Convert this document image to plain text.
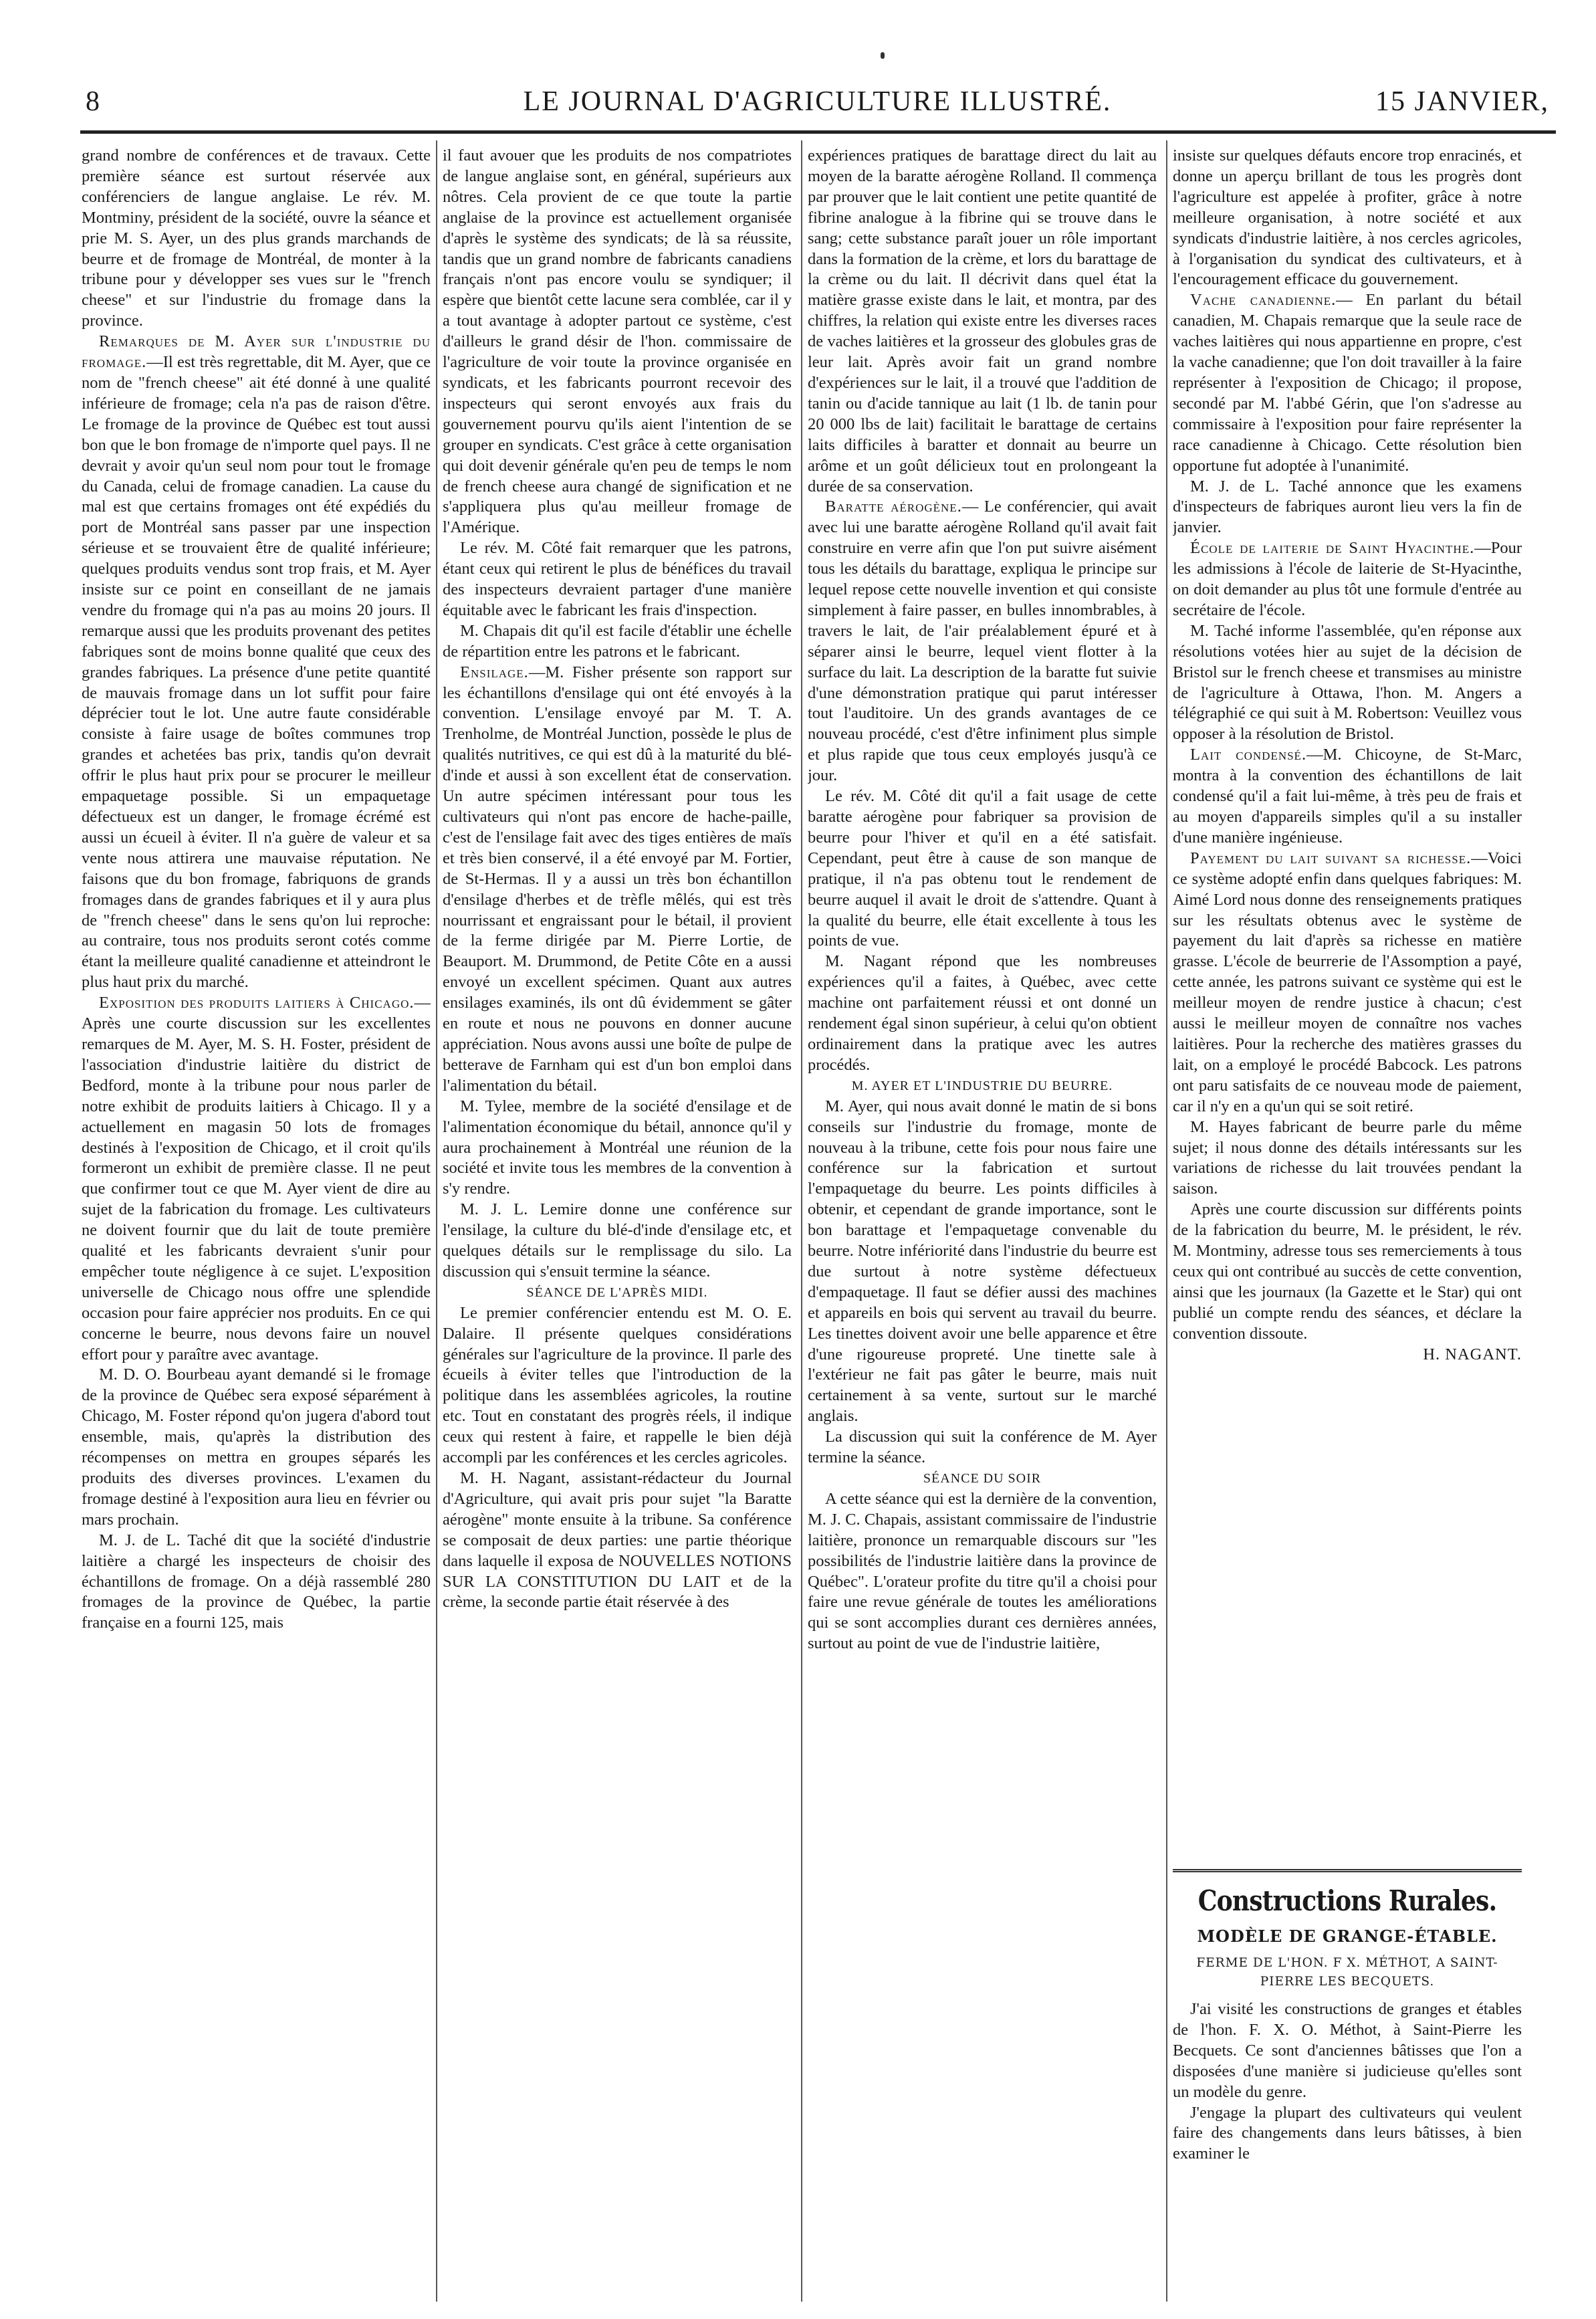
8	LE JOURNAL D'AGRICULTURE ILLUSTRÉ.	15 JANVIER,

grand nombre de conférences et de travaux. Cette première séance est surtout réservée aux conférenciers de langue anglaise. Le rév. M. Montminy, président de la société, ouvre la séance et prie M. S. Ayer, un des plus grands marchands de beurre et de fromage de Montréal, de monter à la tribune pour y développer ses vues sur le "french cheese" et sur l'industrie du fromage dans la province.

Remarques de M. Ayer sur l'industrie du fromage.—Il est très regrettable, dit M. Ayer, que ce nom de "french cheese" ait été donné à une qualité inférieure de fromage; cela n'a pas de raison d'être. Le fromage de la province de Québec est tout aussi bon que le bon fromage de n'importe quel pays. Il ne devrait y avoir qu'un seul nom pour tout le fromage du Canada, celui de fromage canadien. La cause du mal est que certains fromages ont été expédiés du port de Montréal sans passer par une inspection sérieuse et se trouvaient être de qualité inférieure; quelques produits vendus sont trop frais, et M. Ayer insiste sur ce point en conseillant de ne jamais vendre du fromage qui n'a pas au moins 20 jours. Il remarque aussi que les produits provenant des petites fabriques sont de moins bonne qualité que ceux des grandes fabriques. La présence d'une petite quantité de mauvais fromage dans un lot suffit pour faire déprécier tout le lot. Une autre faute considérable consiste à faire usage de boîtes communes trop grandes et achetées bas prix, tandis qu'on devrait offrir le plus haut prix pour se procurer le meilleur empaquetage possible. Si un empaquetage défectueux est un danger, le fromage écrémé est aussi un écueil à éviter. Il n'a guère de valeur et sa vente nous attirera une mauvaise réputation. Ne faisons que du bon fromage, fabriquons de grands fromages dans de grandes fabriques et il y aura plus de "french cheese" dans le sens qu'on lui reproche: au contraire, tous nos produits seront cotés comme étant la meilleure qualité canadienne et atteindront le plus haut prix du marché.

Exposition des produits laitiers à Chicago.—Après une courte discussion sur les excellentes remarques de M. Ayer, M. S. H. Foster, président de l'association d'industrie laitière du district de Bedford, monte à la tribune pour nous parler de notre exhibit de produits laitiers à Chicago. Il y a actuellement en magasin 50 lots de fromages destinés à l'exposition de Chicago, et il croit qu'ils formeront un exhibit de première classe. Il ne peut que confirmer tout ce que M. Ayer vient de dire au sujet de la fabrication du fromage. Les cultivateurs ne doivent fournir que du lait de toute première qualité et les fabricants devraient s'unir pour empêcher toute négligence à ce sujet. L'exposition universelle de Chicago nous offre une splendide occasion pour faire apprécier nos produits. En ce qui concerne le beurre, nous devons faire un nouvel effort pour y paraître avec avantage.

M. D. O. Bourbeau ayant demandé si le fromage de la province de Québec sera exposé séparément à Chicago, M. Foster répond qu'on jugera d'abord tout ensemble, mais, qu'après la distribution des récompenses on mettra en groupes séparés les produits des diverses provinces. L'examen du fromage destiné à l'exposition aura lieu en février ou mars prochain.

M. J. de L. Taché dit que la société d'industrie laitière a chargé les inspecteurs de choisir des échantillons de fromage. On a déjà rassemblé 280 fromages de la province de Québec, la partie française en a fourni 125, mais

il faut avouer que les produits de nos compatriotes de langue anglaise sont, en général, supérieurs aux nôtres. Cela provient de ce que toute la partie anglaise de la province est actuellement organisée d'après le système des syndicats; de là sa réussite, tandis que un grand nombre de fabricants canadiens français n'ont pas encore voulu se syndiquer; il espère que bientôt cette lacune sera comblée, car il y a tout avantage à adopter partout ce système, c'est d'ailleurs le grand désir de l'hon. commissaire de l'agriculture de voir toute la province organisée en syndicats, et les fabricants pourront recevoir des inspecteurs qui seront envoyés aux frais du gouvernement pourvu qu'ils aient l'intention de se grouper en syndicats. C'est grâce à cette organisation qui doit devenir générale qu'en peu de temps le nom de french cheese aura changé de signification et ne s'appliquera plus qu'au meilleur fromage de l'Amérique.

Le rév. M. Côté fait remarquer que les patrons, étant ceux qui retirent le plus de bénéfices du travail des inspecteurs devraient partager d'une manière équitable avec le fabricant les frais d'inspection.

M. Chapais dit qu'il est facile d'établir une échelle de répartition entre les patrons et le fabricant.

Ensilage.—M. Fisher présente son rapport sur les échantillons d'ensilage qui ont été envoyés à la convention. L'ensilage envoyé par M. T. A. Trenholme, de Montréal Junction, possède le plus de qualités nutritives, ce qui est dû à la maturité du blé-d'inde et aussi à son excellent état de conservation. Un autre spécimen intéressant pour tous les cultivateurs qui n'ont pas encore de hache-paille, c'est de l'ensilage fait avec des tiges entières de maïs et très bien conservé, il a été envoyé par M. Fortier, de St-Hermas. Il y a aussi un très bon échantillon d'ensilage d'herbes et de trèfle mêlés, qui est très nourrissant et engraissant pour le bétail, il provient de la ferme dirigée par M. Pierre Lortie, de Beauport. M. Drummond, de Petite Côte en a aussi envoyé un excellent spécimen. Quant aux autres ensilages examinés, ils ont dû évidemment se gâter en route et nous ne pouvons en donner aucune appréciation. Nous avons aussi une boîte de pulpe de betterave de Farnham qui est d'un bon emploi dans l'alimentation du bétail.

M. Tylee, membre de la société d'ensilage et de l'alimentation économique du bétail, annonce qu'il y aura prochainement à Montréal une réunion de la société et invite tous les membres de la convention à s'y rendre.

M. J. L. Lemire donne une conférence sur l'ensilage, la culture du blé-d'inde d'ensilage etc, et quelques détails sur le remplissage du silo. La discussion qui s'ensuit termine la séance.

SÉANCE DE L'APRÈS MIDI.

Le premier conférencier entendu est M. O. E. Dalaire. Il présente quelques considérations générales sur l'agriculture de la province. Il parle des écueils à éviter telles que l'introduction de la politique dans les assemblées agricoles, la routine etc. Tout en constatant des progrès réels, il indique ceux qui restent à faire, et rappelle le bien déjà accompli par les conférences et les cercles agricoles.

M. H. Nagant, assistant-rédacteur du Journal d'Agriculture, qui avait pris pour sujet "la Baratte aérogène" monte ensuite à la tribune. Sa conférence se composait de deux parties: une partie théorique dans laquelle il exposa de NOUVELLES NOTIONS SUR LA CONSTITUTION DU LAIT et de la crème, la seconde partie était réservée à des

expériences pratiques de barattage direct du lait au moyen de la baratte aérogène Rolland. Il commença par prouver que le lait contient une petite quantité de fibrine analogue à la fibrine qui se trouve dans le sang; cette substance paraît jouer un rôle important dans la formation de la crème, et lors du barattage de la crème ou du lait. Il décrivit dans quel état la matière grasse existe dans le lait, et montra, par des chiffres, la relation qui existe entre les diverses races de vaches laitières et la grosseur des globules gras de leur lait. Après avoir fait un grand nombre d'expériences sur le lait, il a trouvé que l'addition de tanin ou d'acide tannique au lait (1 lb. de tanin pour 20 000 lbs de lait) facilitait le barattage de certains laits difficiles à baratter et donnait au beurre un arôme et un goût délicieux tout en prolongeant la durée de sa conservation.

Baratte aérogène.— Le conférencier, qui avait avec lui une baratte aérogène Rolland qu'il avait fait construire en verre afin que l'on put suivre aisément tous les détails du barattage, expliqua le principe sur lequel repose cette nouvelle invention et qui consiste simplement à faire passer, en bulles innombrables, à travers le lait, de l'air préalablement épuré et à séparer ainsi le beurre, lequel vient flotter à la surface du lait. La description de la baratte fut suivie d'une démonstration pratique qui parut intéresser tout l'auditoire. Un des grands avantages de ce nouveau procédé, c'est d'être infiniment plus simple et plus rapide que tous ceux employés jusqu'à ce jour.

Le rév. M. Côté dit qu'il a fait usage de cette baratte aérogène pour fabriquer sa provision de beurre pour l'hiver et qu'il en a été satisfait. Cependant, peut être à cause de son manque de pratique, il n'a pas obtenu tout le rendement de beurre auquel il avait le droit de s'attendre. Quant à la qualité du beurre, elle était excellente à tous les points de vue.

M. Nagant répond que les nombreuses expériences qu'il a faites, à Québec, avec cette machine ont parfaitement réussi et ont donné un rendement égal sinon supérieur, à celui qu'on obtient ordinairement dans la pratique avec les autres procédés.

M. AYER ET L'INDUSTRIE DU BEURRE.

M. Ayer, qui nous avait donné le matin de si bons conseils sur l'industrie du fromage, monte de nouveau à la tribune, cette fois pour nous faire une conférence sur la fabrication et surtout l'empaquetage du beurre. Les points difficiles à obtenir, et cependant de grande importance, sont le bon barattage et l'empaquetage convenable du beurre. Notre infériorité dans l'industrie du beurre est due surtout à notre système défectueux d'empaquetage. Il faut se défier aussi des machines et appareils en bois qui servent au travail du beurre. Les tinettes doivent avoir une belle apparence et être d'une rigoureuse propreté. Une tinette sale à l'extérieur ne fait pas gâter le beurre, mais nuit certainement à sa vente, surtout sur le marché anglais.

La discussion qui suit la conférence de M. Ayer termine la séance.

SÉANCE DU SOIR

A cette séance qui est la dernière de la convention, M. J. C. Chapais, assistant commissaire de l'industrie laitière, prononce un remarquable discours sur "les possibilités de l'industrie laitière dans la province de Québec". L'orateur profite du titre qu'il a choisi pour faire une revue générale de toutes les améliorations qui se sont accomplies durant ces dernières années, surtout au point de vue de l'industrie laitière,

insiste sur quelques défauts encore trop enracinés, et donne un aperçu brillant de tous les progrès dont l'agriculture est appelée à profiter, grâce à notre meilleure organisation, à notre société et aux syndicats d'industrie laitière, à nos cercles agricoles, à l'organisation du syndicat des cultivateurs, et à l'encouragement efficace du gouvernement.

Vache canadienne.— En parlant du bétail canadien, M. Chapais remarque que la seule race de vaches laitières qui nous appartienne en propre, c'est la vache canadienne; que l'on doit travailler à la faire représenter à l'exposition de Chicago; il propose, secondé par M. l'abbé Gérin, que l'on s'adresse au commissaire à l'exposition pour faire représenter la race canadienne à Chicago. Cette résolution bien opportune fut adoptée à l'unanimité.

M. J. de L. Taché annonce que les examens d'inspecteurs de fabriques auront lieu vers la fin de janvier.

École de laiterie de Saint Hyacinthe.—Pour les admissions à l'école de laiterie de St-Hyacinthe, on doit demander au plus tôt une formule d'entrée au secrétaire de l'école.

M. Taché informe l'assemblée, qu'en réponse aux résolutions votées hier au sujet de la décision de Bristol sur le french cheese et transmises au ministre de l'agriculture à Ottawa, l'hon. M. Angers a télégraphié ce qui suit à M. Robertson: Veuillez vous opposer à la résolution de Bristol.

Lait condensé.—M. Chicoyne, de St-Marc, montra à la convention des échantillons de lait condensé qu'il a fait lui-même, à très peu de frais et au moyen d'appareils simples qu'il a su installer d'une manière ingénieuse.

Payement du lait suivant sa richesse.—Voici ce système adopté enfin dans quelques fabriques: M. Aimé Lord nous donne des renseignements pratiques sur les résultats obtenus avec le système de payement du lait d'après sa richesse en matière grasse. L'école de beurrerie de l'Assomption a payé, cette année, les patrons suivant ce système qui est le meilleur moyen de rendre justice à chacun; c'est aussi le meilleur moyen de connaître nos vaches laitières. Pour la recherche des matières grasses du lait, on a employé le procédé Babcock. Les patrons ont paru satisfaits de ce nouveau mode de paiement, car il n'y en a qu'un qui se soit retiré.

M. Hayes fabricant de beurre parle du même sujet; il nous donne des détails intéressants sur les variations de richesse du lait trouvées pendant la saison.

Après une courte discussion sur différents points de la fabrication du beurre, M. le président, le rév. M. Montminy, adresse tous ses remerciements à tous ceux qui ont contribué au succès de cette convention, ainsi que les journaux (la Gazette et le Star) qui ont publié un compte rendu des séances, et déclare la convention dissoute.

H. NAGANT.

Constructions Rurales.
MODÈLE DE GRANGE-ÉTABLE.
FERME DE L'HON. F X. MÉTHOT, A SAINT-PIERRE LES BECQUETS.

J'ai visité les constructions de granges et étables de l'hon. F. X. O. Méthot, à Saint-Pierre les Becquets. Ce sont d'anciennes bâtisses que l'on a disposées d'une manière si judicieuse qu'elles sont un modèle du genre.

J'engage la plupart des cultivateurs qui veulent faire des changements dans leurs bâtisses, à bien examiner le
